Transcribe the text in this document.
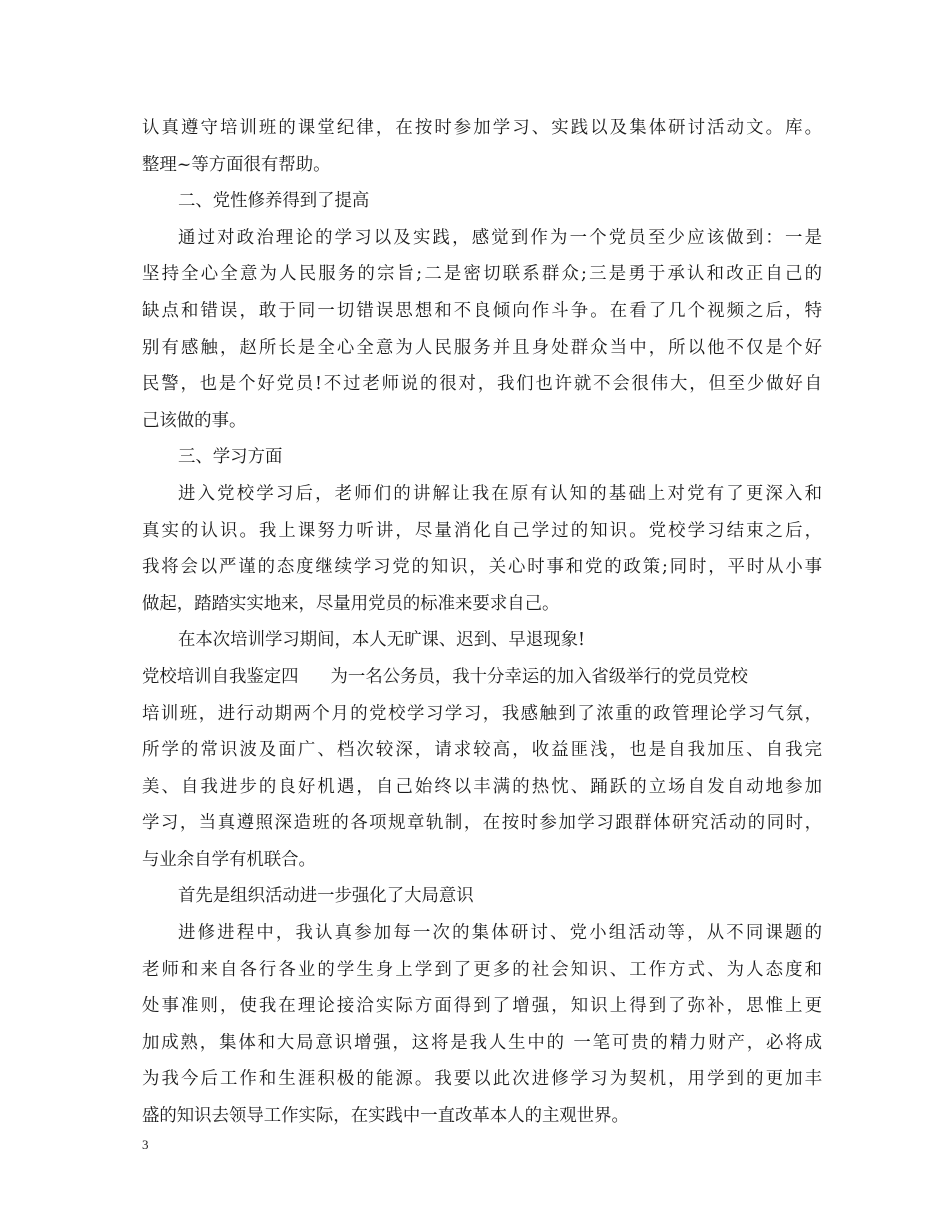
认真遵守培训班的课堂纪律，在按时参加学习、实践以及集体研讨活动文。库。
整理~等方面很有帮助。
二、党性修养得到了提高
通过对政治理论的学习以及实践，感觉到作为一个党员至少应该做到：一是
坚持全心全意为人民服务的宗旨;二是密切联系群众;三是勇于承认和改正自己的
缺点和错误，敢于同一切错误思想和不良倾向作斗争。在看了几个视频之后，特
别有感触，赵所长是全心全意为人民服务并且身处群众当中，所以他不仅是个好
民警，也是个好党员!不过老师说的很对，我们也许就不会很伟大，但至少做好自
己该做的事。
三、学习方面
进入党校学习后，老师们的讲解让我在原有认知的基础上对党有了更深入和
真实的认识。我上课努力听讲，尽量消化自己学过的知识。党校学习结束之后，
我将会以严谨的态度继续学习党的知识，关心时事和党的政策;同时，平时从小事
做起，踏踏实实地来，尽量用党员的标准来要求自己。
在本次培训学习期间，本人无旷课、迟到、早退现象!
党校培训自我鉴定四 为一名公务员，我十分幸运的加入省级举行的党员党校
培训班，进行动期两个月的党校学习学习，我感触到了浓重的政管理论学习气氛，
所学的常识波及面广、档次较深，请求较高，收益匪浅，也是自我加压、自我完
美、自我进步的良好机遇，自己始终以丰满的热忱、踊跃的立场自发自动地参加
学习，当真遵照深造班的各项规章轨制，在按时参加学习跟群体研究活动的同时，
与业余自学有机联合。
首先是组织活动进一步强化了大局意识
进修进程中，我认真参加每一次的集体研讨、党小组活动等，从不同课题的
老师和来自各行各业的学生身上学到了更多的社会知识、工作方式、为人态度和
处事准则，使我在理论接洽实际方面得到了增强，知识上得到了弥补，思惟上更
加成熟，集体和大局意识增强，这将是我人生中的 一笔可贵的精力财产，必将成
为我今后工作和生涯积极的能源。我要以此次进修学习为契机，用学到的更加丰
盛的知识去领导工作实际，在实践中一直改革本人的主观世界。
3
